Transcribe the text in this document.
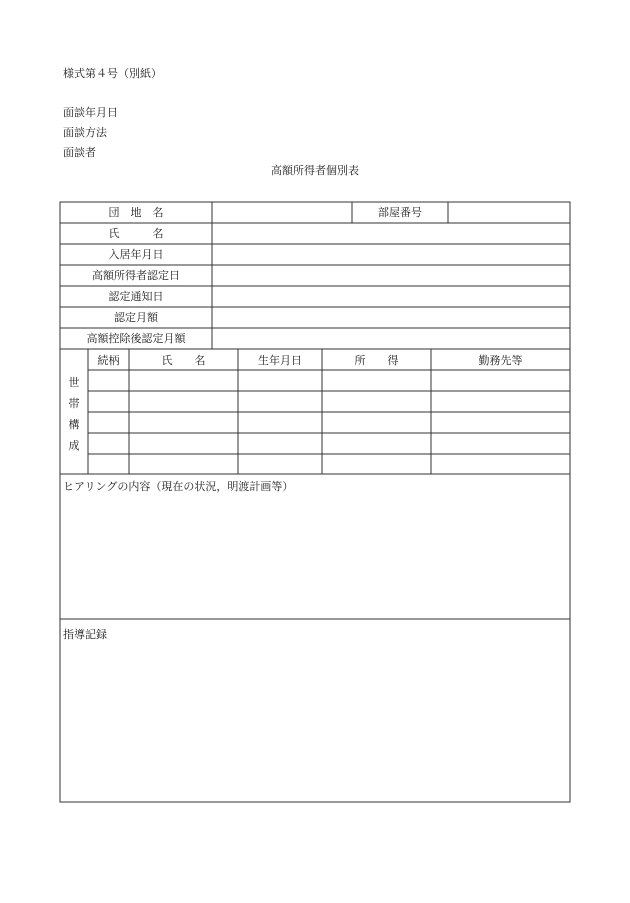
様式第４号（別紙）
面談年月日
面談方法
面談者
高額所得者個別表
団　地　名	部屋番号
氏　　　名
入居年月日
高額所得者認定日
認定通知日
認定月額
高額控除後認定月額
世
帯
構
成
続柄	氏　　名	生年月日	所　　得	勤務先等
ヒアリングの内容（現在の状況，明渡計画等）
指導記録
